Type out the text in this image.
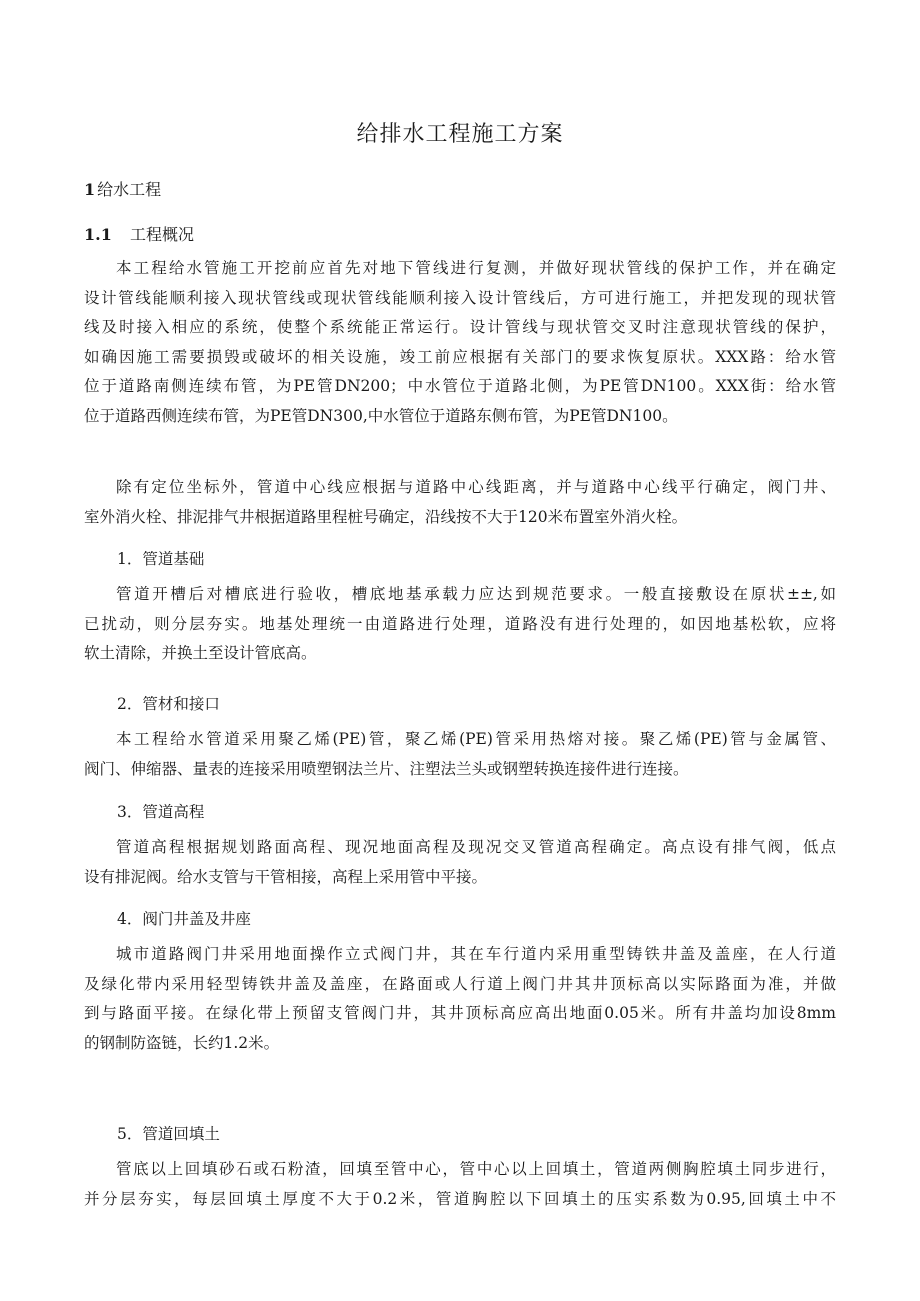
给排水工程施工方案
1 给水工程
1.1 工程概况
本工程给水管施工开挖前应首先对地下管线进行复测，并做好现状管线的保护工作，并在确定
设计管线能顺利接入现状管线或现状管线能顺利接入设计管线后，方可进行施工，并把发现的现状管
线及时接入相应的系统，使整个系统能正常运行。设计管线与现状管交叉时注意现状管线的保护，
如确因施工需要损毁或破坏的相关设施，竣工前应根据有关部门的要求恢复原状。XXX路：给水管
位于道路南侧连续布管，为PE管DN200；中水管位于道路北侧，为PE管DN100。XXX街：给水管
位于道路西侧连续布管，为PE管DN300,中水管位于道路东侧布管，为PE管DN100。
除有定位坐标外，管道中心线应根据与道路中心线距离，并与道路中心线平行确定，阀门井、
室外消火栓、排泥排气井根据道路里程桩号确定，沿线按不大于120米布置室外消火栓。
1．管道基础
管道开槽后对槽底进行验收，槽底地基承载力应达到规范要求。一般直接敷设在原状±±,如
已扰动，则分层夯实。地基处理统一由道路进行处理，道路没有进行处理的，如因地基松软，应将
软土清除，并换土至设计管底高。
2．管材和接口
本工程给水管道采用聚乙烯(PE)管，聚乙烯(PE)管采用热熔对接。聚乙烯(PE)管与金属管、
阀门、伸缩器、量表的连接采用喷塑钢法兰片、注塑法兰头或钢塑转换连接件进行连接。
3．管道高程
管道高程根据规划路面高程、现况地面高程及现况交叉管道高程确定。高点设有排气阀，低点
设有排泥阀。给水支管与干管相接，高程上采用管中平接。
4．阀门井盖及井座
城市道路阀门井采用地面操作立式阀门井，其在车行道内采用重型铸铁井盖及盖座，在人行道
及绿化带内采用轻型铸铁井盖及盖座，在路面或人行道上阀门井其井顶标高以实际路面为准，并做
到与路面平接。在绿化带上预留支管阀门井，其井顶标高应高出地面0.05米。所有井盖均加设8mm
的钢制防盗链，长约1.2米。
5．管道回填土
管底以上回填砂石或石粉渣，回填至管中心，管中心以上回填土，管道两侧胸腔填土同步进行，
并分层夯实，每层回填土厚度不大于0.2米，管道胸腔以下回填土的压实系数为0.95,回填土中不
